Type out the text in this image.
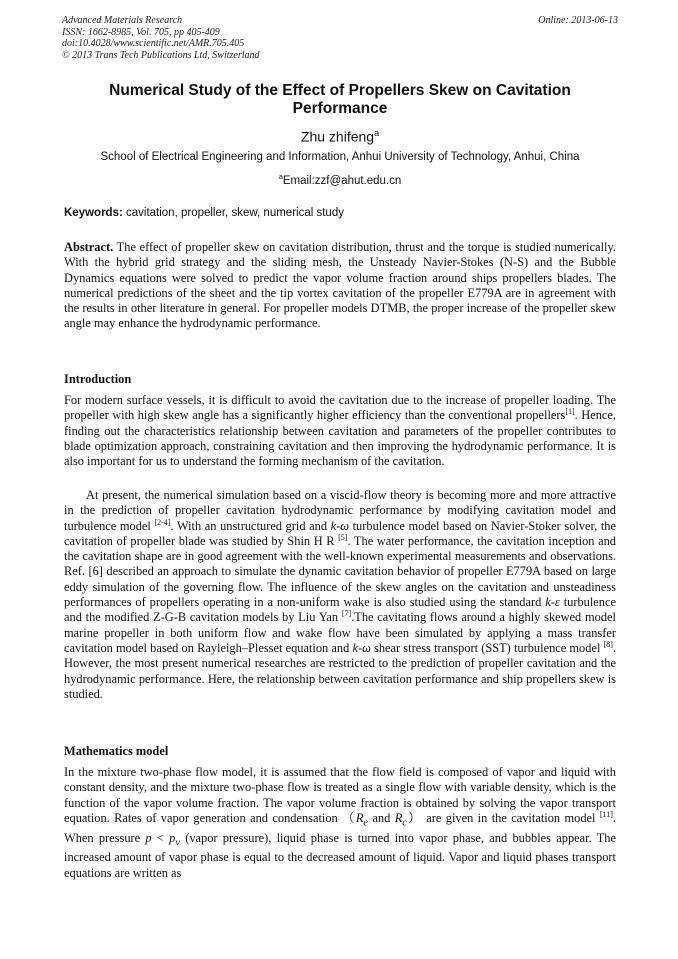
Advanced Materials Research
ISSN: 1662-8985, Vol. 705, pp 405-409
doi:10.4028/www.scientific.net/AMR.705.405
© 2013 Trans Tech Publications Ltd, Switzerland
Online: 2013-06-13
Numerical Study of the Effect of Propellers Skew on Cavitation Performance
Zhu zhifeng$^a$
School of Electrical Engineering and Information, Anhui University of Technology, Anhui, China
$^a$Email:zzf@ahut.edu.cn
Keywords: cavitation, propeller, skew, numerical study
Abstract. The effect of propeller skew on cavitation distribution, thrust and the torque is studied numerically. With the hybrid grid strategy and the sliding mesh, the Unsteady Navier-Stokes (N-S) and the Bubble Dynamics equations were solved to predict the vapor volume fraction around ships propellers blades. The numerical predictions of the sheet and the tip vortex cavitation of the propeller E779A are in agreement with the results in other literature in general. For propeller models DTMB, the proper increase of the propeller skew angle may enhance the hydrodynamic performance.
Introduction
For modern surface vessels, it is difficult to avoid the cavitation due to the increase of propeller loading. The propeller with high skew angle has a significantly higher efficiency than the conventional propellers[1]. Hence, finding out the characteristics relationship between cavitation and parameters of the propeller contributes to blade optimization approach, constraining cavitation and then improving the hydrodynamic performance. It is also important for us to understand the forming mechanism of the cavitation.
At present, the numerical simulation based on a viscid-flow theory is becoming more and more attractive in the prediction of propeller cavitation hydrodynamic performance by modifying cavitation model and turbulence model [2-4]. With an unstructured grid and k-ω turbulence model based on Navier-Stoker solver, the cavitation of propeller blade was studied by Shin H R [5]. The water performance, the cavitation inception and the cavitation shape are in good agreement with the well-known experimental measurements and observations. Ref. [6] described an approach to simulate the dynamic cavitation behavior of propeller E779A based on large eddy simulation of the governing flow. The influence of the skew angles on the cavitation and unsteadiness performances of propellers operating in a non-uniform wake is also studied using the standard k-ε turbulence and the modified Z-G-B cavitation models by Liu Yan [7].The cavitating flows around a highly skewed model marine propeller in both uniform flow and wake flow have been simulated by applying a mass transfer cavitation model based on Rayleigh–Plesset equation and k-ω shear stress transport (SST) turbulence model [8]. However, the most present numerical researches are restricted to the prediction of propeller cavitation and the hydrodynamic performance. Here, the relationship between cavitation performance and ship propellers skew is studied.
Mathematics model
In the mixture two-phase flow model, it is assumed that the flow field is composed of vapor and liquid with constant density, and the mixture two-phase flow is treated as a single flow with variable density, which is the function of the vapor volume fraction. The vapor volume fraction is obtained by solving the vapor transport equation. Rates of vapor generation and condensation （$R_e$ and $R_c$） are given in the cavitation model [11]. When pressure $p < p_v$ (vapor pressure), liquid phase is turned into vapor phase, and bubbles appear. The increased amount of vapor phase is equal to the decreased amount of liquid. Vapor and liquid phases transport equations are written as
